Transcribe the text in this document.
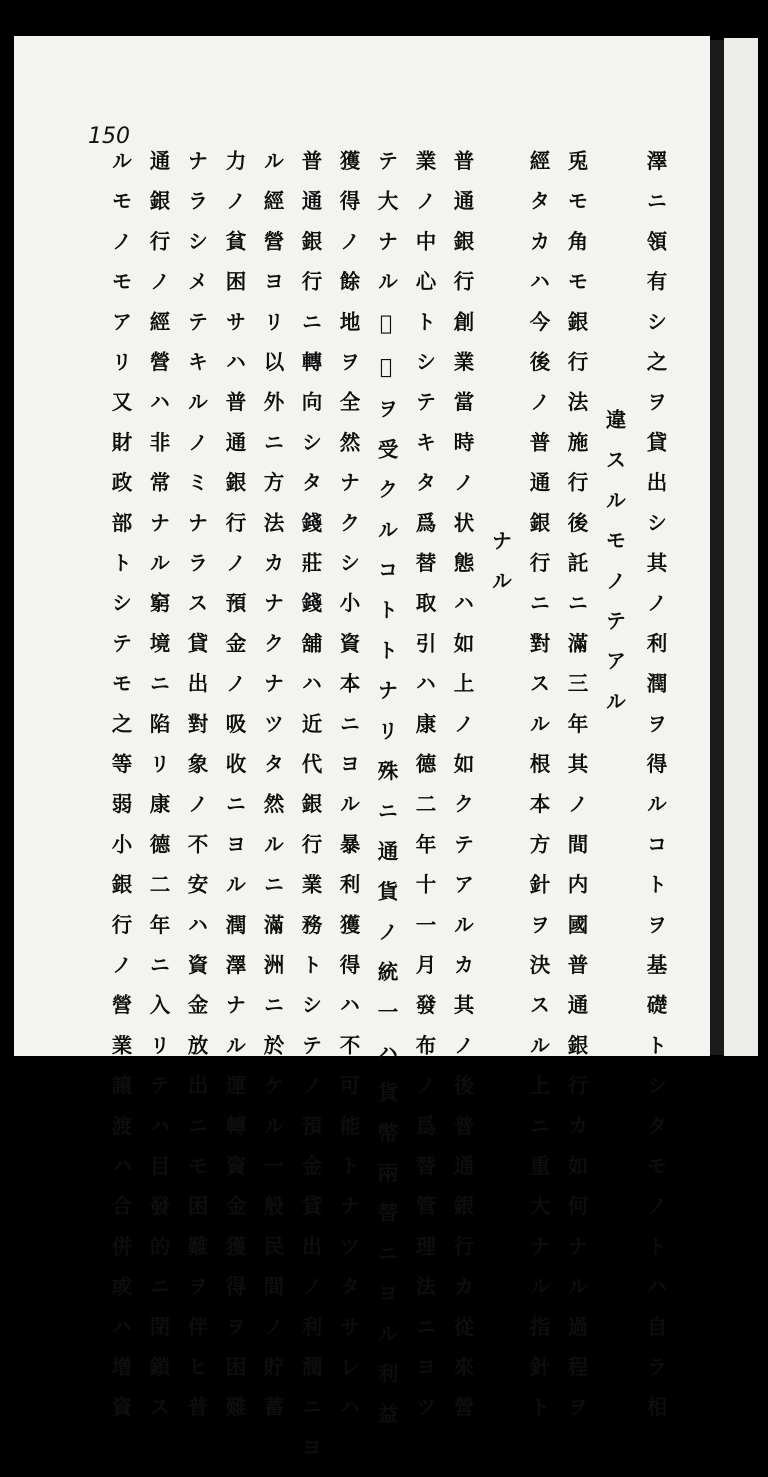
150
澤ニ領有シ之ヲ貸出シ其ノ利潤ヲ得ルコトヲ基礎トシタモノトハ自ラ相
違スルモノテアル
兎モ角モ銀行法施行後託ニ滿三年其ノ間内國普通銀行カ如何ナル過程ヲ
經タカハ今後ノ普通銀行ニ對スル根本方針ヲ決スル上ニ重大ナル指針ト
ナル
普通銀行創業當時ノ状態ハ如上ノ如クテアルカ其ノ後普通銀行カ從來營
業ノ中心トシテキタ爲替取引ハ康德二年十一月發布ノ爲替管理法ニヨツ
テ大ナル𢤁討ヲ受クルコトトナリ殊ニ通貨ノ統一ハ貨幣兩替ニヨル利益
獲得ノ餘地ヲ全然ナクシ小資本ニヨル暴利獲得ハ不可能トナツタサレハ
普通銀行ニ轉向シタ錢莊錢舖ハ近代銀行業務トシテノ預金貸出ノ利潤ニヨ
ル經營ヨリ以外ニ方法カナクナツタ然ルニ滿洲ニ於ケル一般民間ノ貯蓄
力ノ貧困サハ普通銀行ノ預金ノ吸收ニヨル潤澤ナル運轉資金獲得ヲ困難
ナラシメテキルノミナラス貸出對象ノ不安ハ資金放出ニモ困難ヲ伴ヒ普
通銀行ノ經營ハ非常ナル窮境ニ陷リ康德二年ニ入リテハ目發的ニ閉鎖ス
ルモノモアリ又財政部トシテモ之等弱小銀行ノ營業譲渡ハ合併或ハ增資
